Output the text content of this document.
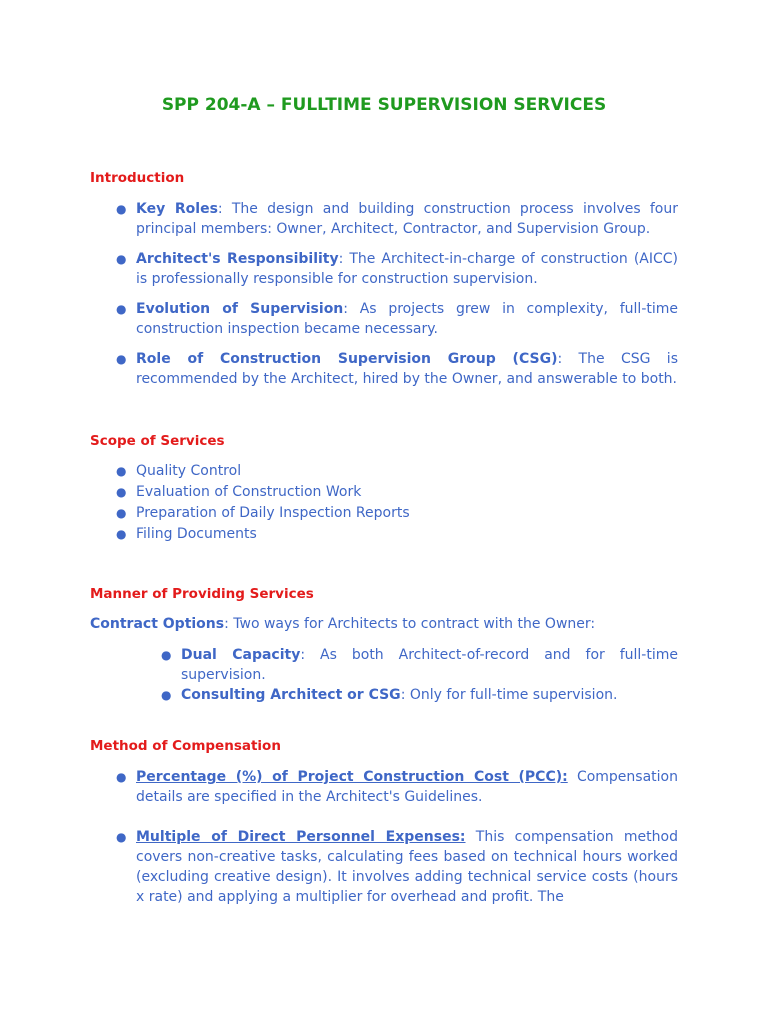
SPP 204-A – FULLTIME SUPERVISION SERVICES
Introduction
● Key Roles: The design and building construction process involves four principal members: Owner, Architect, Contractor, and Supervision Group.
● Architect's Responsibility: The Architect-in-charge of construction (AICC) is professionally responsible for construction supervision.
● Evolution of Supervision: As projects grew in complexity, full-time construction inspection became necessary.
● Role of Construction Supervision Group (CSG): The CSG is recommended by the Architect, hired by the Owner, and answerable to both.
Scope of Services
● Quality Control
● Evaluation of Construction Work
● Preparation of Daily Inspection Reports
● Filing Documents
Manner of Providing Services

Contract Options: Two ways for Architects to contract with the Owner:

● Dual Capacity: As both Architect-of-record and for full-time supervision.
● Consulting Architect or CSG: Only for full-time supervision.
Method of Compensation
● Percentage (%) of Project Construction Cost (PCC): Compensation details are specified in the Architect's Guidelines.
● Multiple of Direct Personnel Expenses: This compensation method covers non-creative tasks, calculating fees based on technical hours worked (excluding creative design). It involves adding technical service costs (hours x rate) and applying a multiplier for overhead and profit. The
